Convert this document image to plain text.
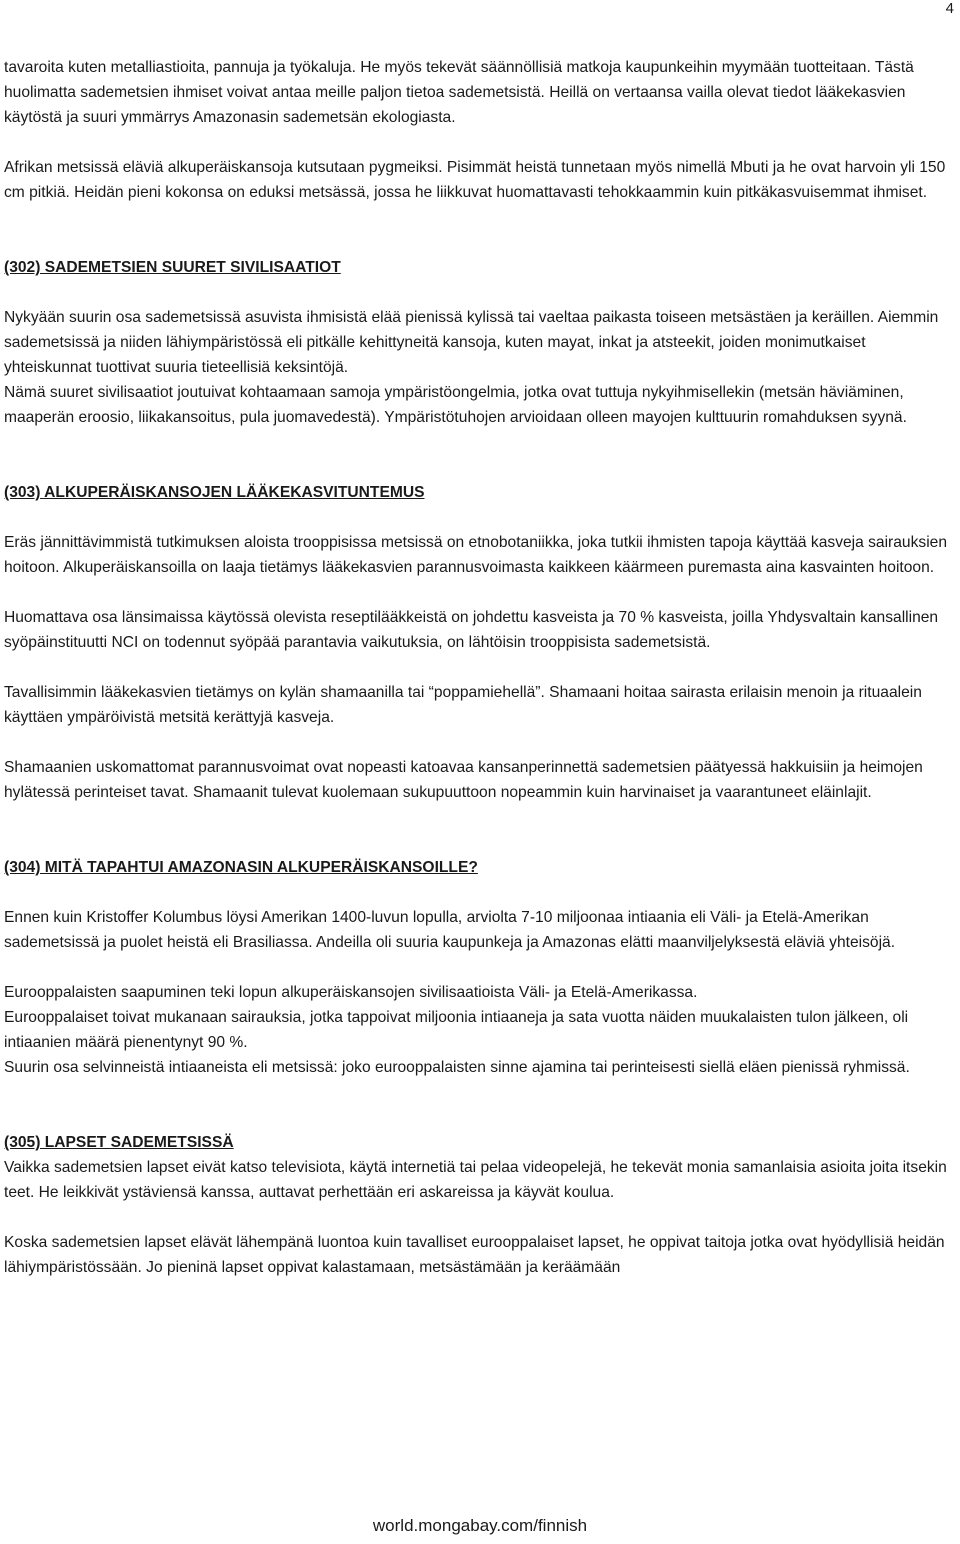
4

tavaroita kuten metalliastioita, pannuja ja työkaluja. He myös tekevät säännöllisiä matkoja kaupunkeihin myymään tuotteitaan. Tästä huolimatta sademetsien ihmiset voivat antaa meille paljon tietoa sademetsistä. Heillä on vertaansa vailla olevat tiedot lääkekasvien käytöstä ja suuri ymmärrys Amazonasin sademetsän ekologiasta.

Afrikan metsissä eläviä alkuperäiskansoja kutsutaan pygmeiksi. Pisimmät heistä tunnetaan myös nimellä Mbuti ja he ovat harvoin yli 150 cm pitkiä. Heidän pieni kokonsa on eduksi metsässä, jossa he liikkuvat huomattavasti tehokkaammin kuin pitkäkasvuisemmat ihmiset.

(302) SADEMETSIEN SUURET SIVILISAATIOT

Nykyään suurin osa sademetsissä asuvista ihmisistä elää pienissä kylissä tai vaeltaa paikasta toiseen metsästäen ja keräillen. Aiemmin sademetsissä ja niiden lähiympäristössä eli pitkälle kehittyneitä kansoja, kuten mayat, inkat ja atsteekit, joiden monimutkaiset yhteiskunnat tuottivat suuria tieteellisiä keksintöjä.

Nämä suuret sivilisaatiot joutuivat kohtaamaan samoja ympäristöongelmia, jotka ovat tuttuja nykyihmisellekin (metsän häviäminen, maaperän eroosio, liikakansoitus, pula juomavedestä). Ympäristötuhojen arvioidaan olleen mayojen kulttuurin romahduksen syynä.

(303) ALKUPERÄISKANSOJEN LÄÄKEKASVITUNTEMUS

Eräs jännittävimmistä tutkimuksen aloista trooppisissa metsissä on etnobotaniikka, joka tutkii ihmisten tapoja käyttää kasveja sairauksien hoitoon. Alkuperäiskansoilla on laaja tietämys lääkekasvien parannusvoimasta kaikkeen käärmeen puremasta aina kasvainten hoitoon.

Huomattava osa länsimaissa käytössä olevista reseptilääkkeistä on johdettu kasveista ja 70 % kasveista, joilla Yhdysvaltain kansallinen syöpäinstituutti NCI on todennut syöpää parantavia vaikutuksia, on lähtöisin trooppisista sademetsistä.

Tavallisimmin lääkekasvien tietämys on kylän shamaanilla tai “poppamiehellä”. Shamaani hoitaa sairasta erilaisin menoin ja rituaalein käyttäen ympäröivistä metsitä kerättyjä kasveja.

Shamaanien uskomattomat parannusvoimat ovat nopeasti katoavaa kansanperinnettä sademetsien päätyessä hakkuisiin ja heimojen hylätessä perinteiset tavat. Shamaanit tulevat kuolemaan sukupuuttoon nopeammin kuin harvinaiset ja vaarantuneet eläinlajit.

(304) MITÄ TAPAHTUI AMAZONASIN ALKUPERÄISKANSOILLE?

Ennen kuin Kristoffer Kolumbus löysi Amerikan 1400-luvun lopulla, arviolta 7-10 miljoonaa intiaania eli Väli- ja Etelä-Amerikan sademetsissä ja puolet heistä eli Brasiliassa. Andeilla oli suuria kaupunkeja ja Amazonas elätti maanviljelyksestä eläviä yhteisöjä.

Eurooppalaisten saapuminen teki lopun alkuperäiskansojen sivilisaatioista Väli- ja Etelä-Amerikassa.

Eurooppalaiset toivat mukanaan sairauksia, jotka tappoivat miljoonia intiaaneja ja sata vuotta näiden muukalaisten tulon jälkeen, oli intiaanien määrä pienentynyt 90 %.

Suurin osa selvinneistä intiaaneista eli metsissä: joko eurooppalaisten sinne ajamina tai perinteisesti siellä eläen pienissä ryhmissä.

(305) LAPSET SADEMETSISSÄ

Vaikka sademetsien lapset eivät katso televisiota, käytä internetiä tai pelaa videopelejä, he tekevät monia samanlaisia asioita joita itsekin teet. He leikkivät ystäviensä kanssa, auttavat perhettään eri askareissa ja käyvät koulua.

Koska sademetsien lapset elävät lähempänä luontoa kuin tavalliset eurooppalaiset lapset, he oppivat taitoja jotka ovat hyödyllisiä heidän lähiympäristössään. Jo pieninä lapset oppivat kalastamaan, metsästämään ja keräämään

world.mongabay.com/finnish
